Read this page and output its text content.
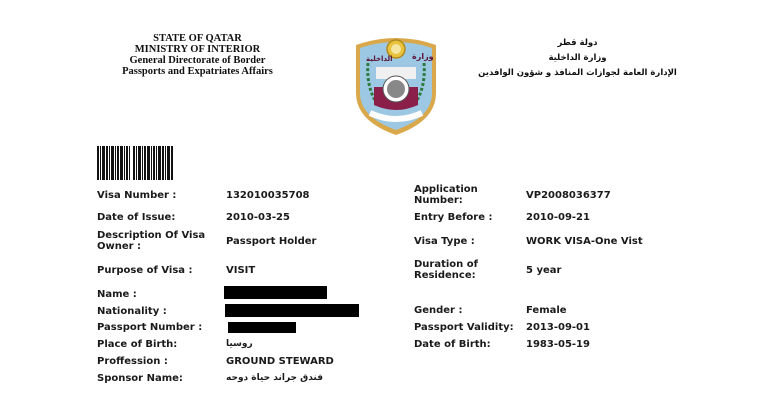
STATE OF QATAR
MINISTRY OF INTERIOR
General Directorate of Border
Passports and Expatriates Affairs
وزارة
الداخلية
دولة قطر
وزارة الداخلية
الإدارة العامة لجوازات المنافذ و شؤون الوافدين
Visa Number :	132010035708
Date of Issue:	2010-03-25
Description Of Visa Owner :	Passport Holder
Purpose of Visa :	VISIT
Name :
Nationality :
Passport Number :
Place of Birth:	روسيا
Proffession :	GROUND STEWARD
Sponsor Name:	فندق جراند حياة دوحه
Application Number:	VP2008036377
Entry Before :	2010-09-21
Visa Type :	WORK VISA-One Vist
Duration of Residence:	5 year
Gender :	Female
Passport Validity: 2013-09-01
Date of Birth:	1983-05-19
